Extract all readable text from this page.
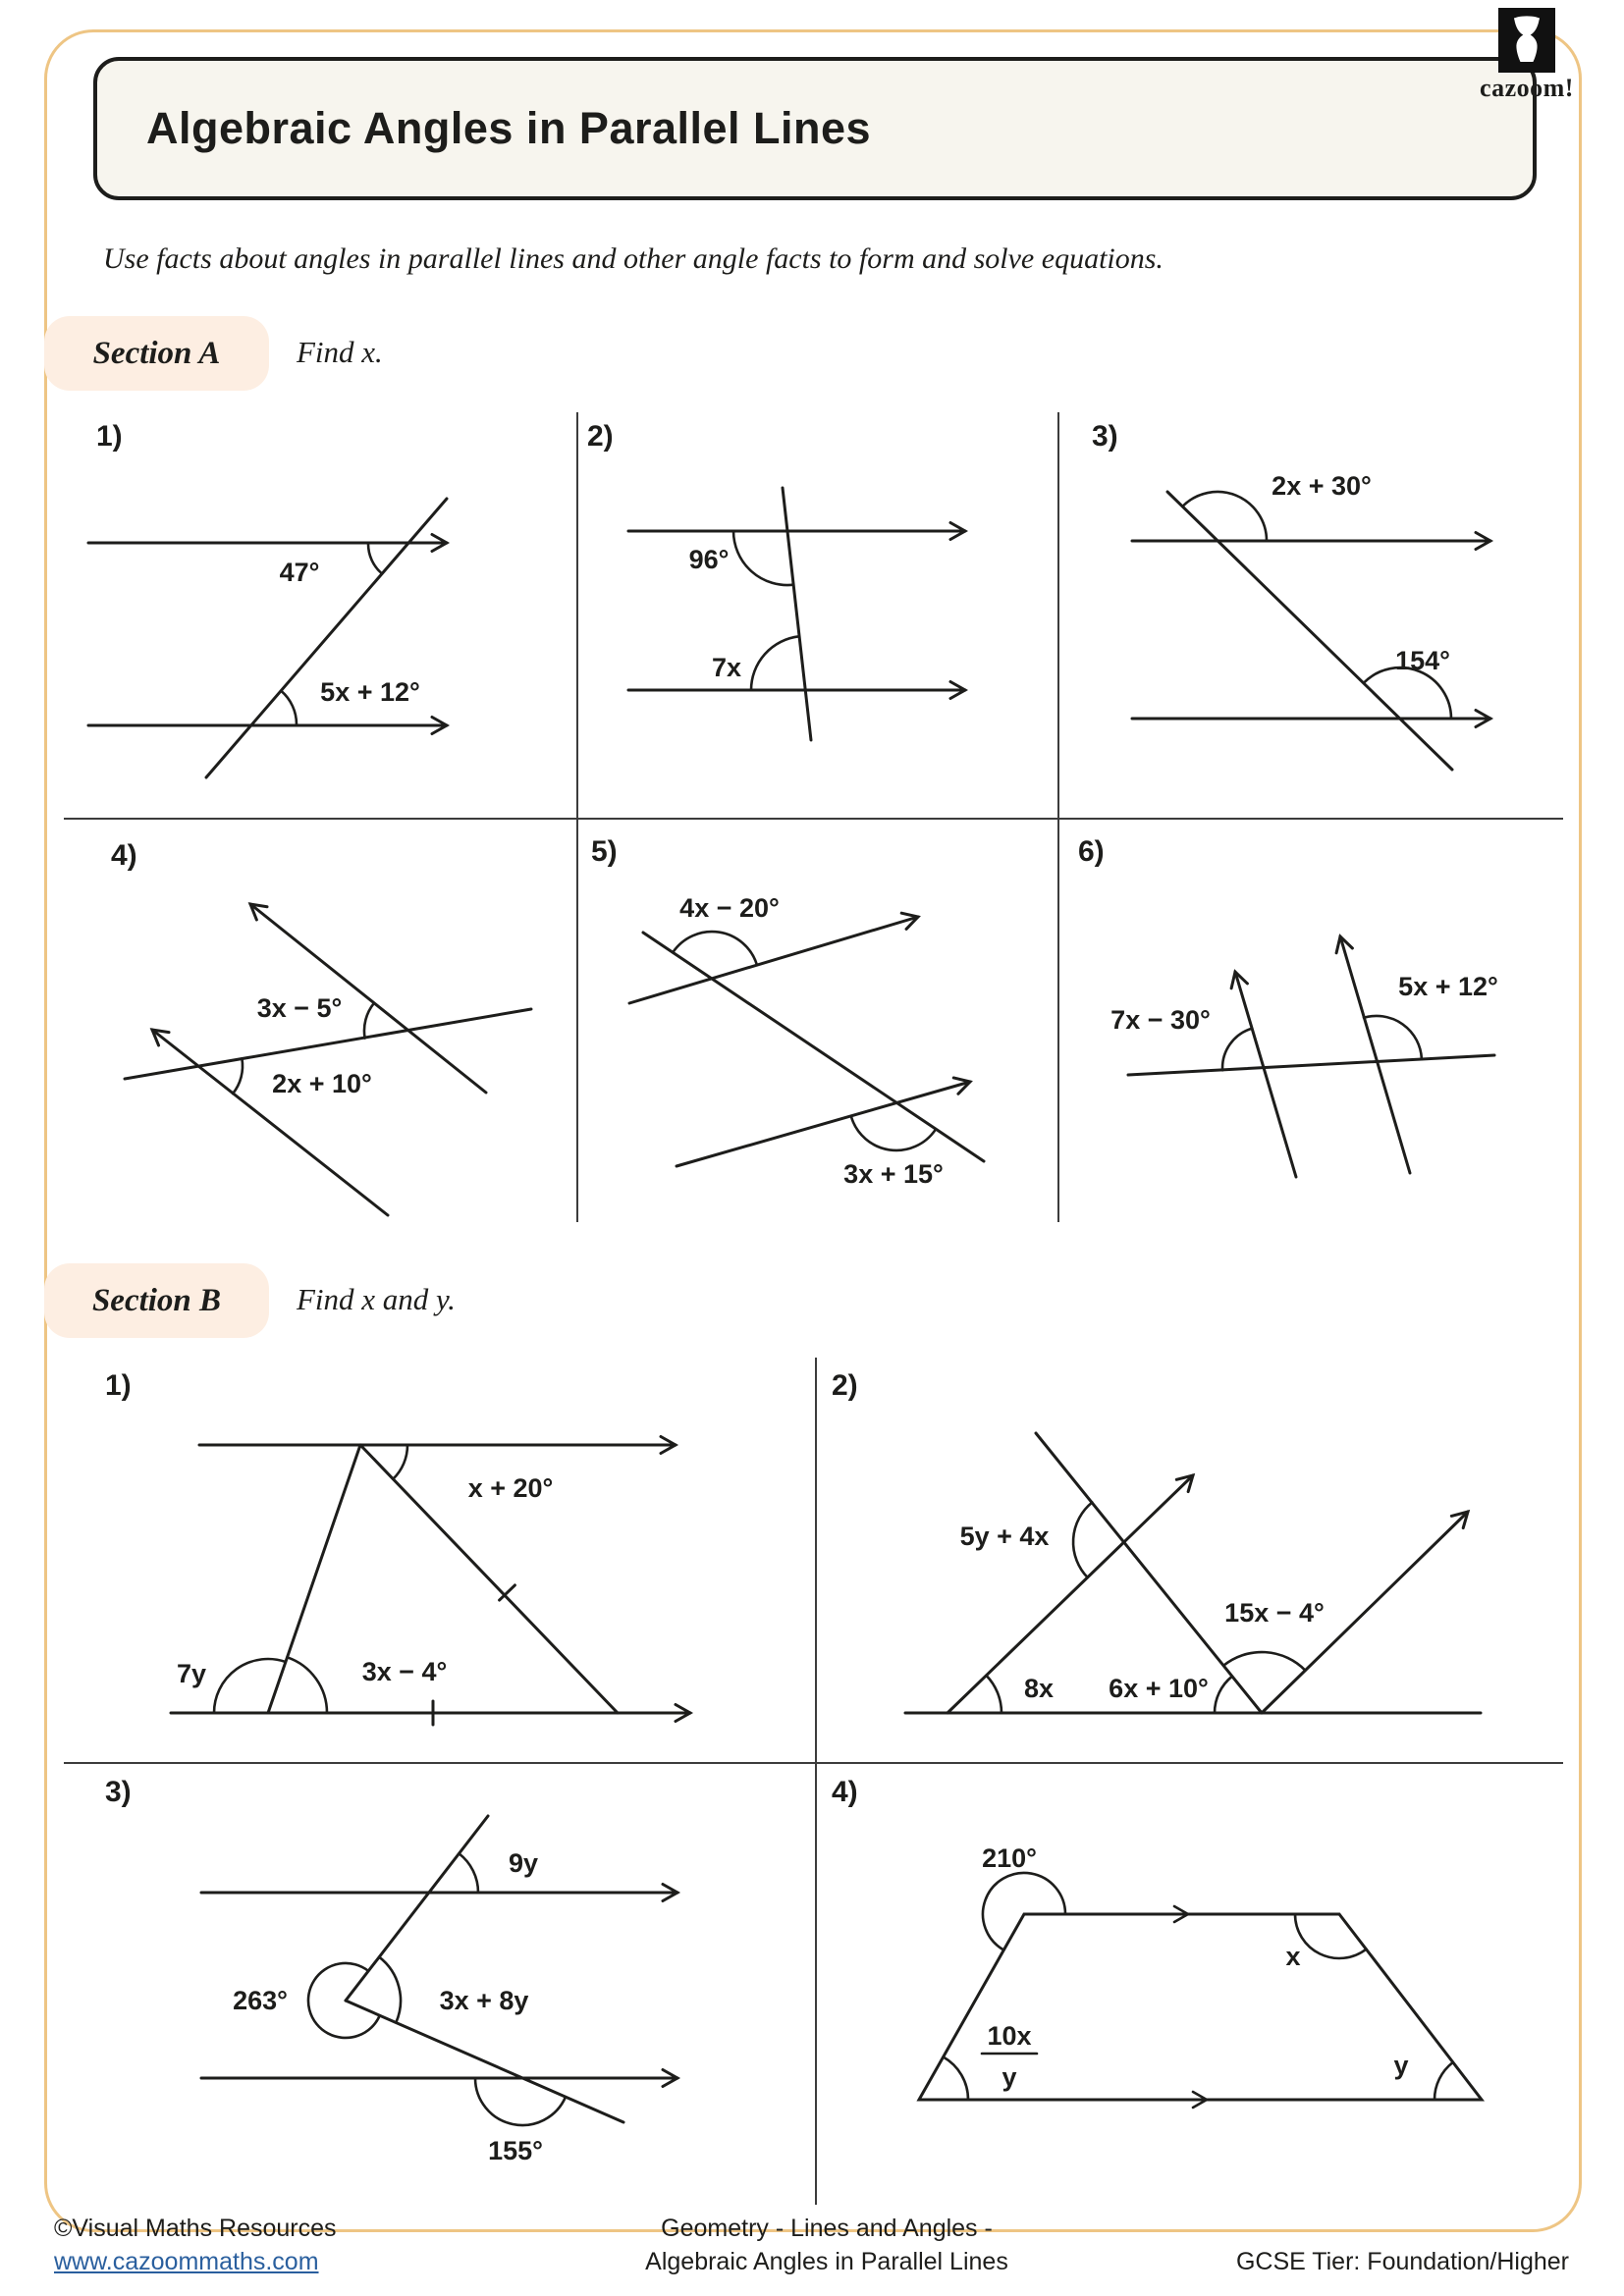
Algebraic Angles in Parallel Lines
cazoom!
Use facts about angles in parallel lines and other angle facts to form and solve equations.
Section A	Find x.
1)
47°
5x + 12°
2)
96°
7x
3)
2x + 30°
154°
4)
3x − 5°
2x + 10°
5)
4x − 20°
3x + 15°
6)
7x − 30°
5x + 12°
Section B Find x and y.
1)
x + 20°
7y	3x − 4°
2)
5y + 4x
8x 6x + 10°
15x − 4°
3)
9y
263°	3x + 8y
155°
4)
210°
x
10x
y	y
©Visual Maths Resources
www.cazoommaths.com
Geometry - Lines and Angles -
Algebraic Angles in Parallel Lines	GCSE Tier: Foundation/Higher
